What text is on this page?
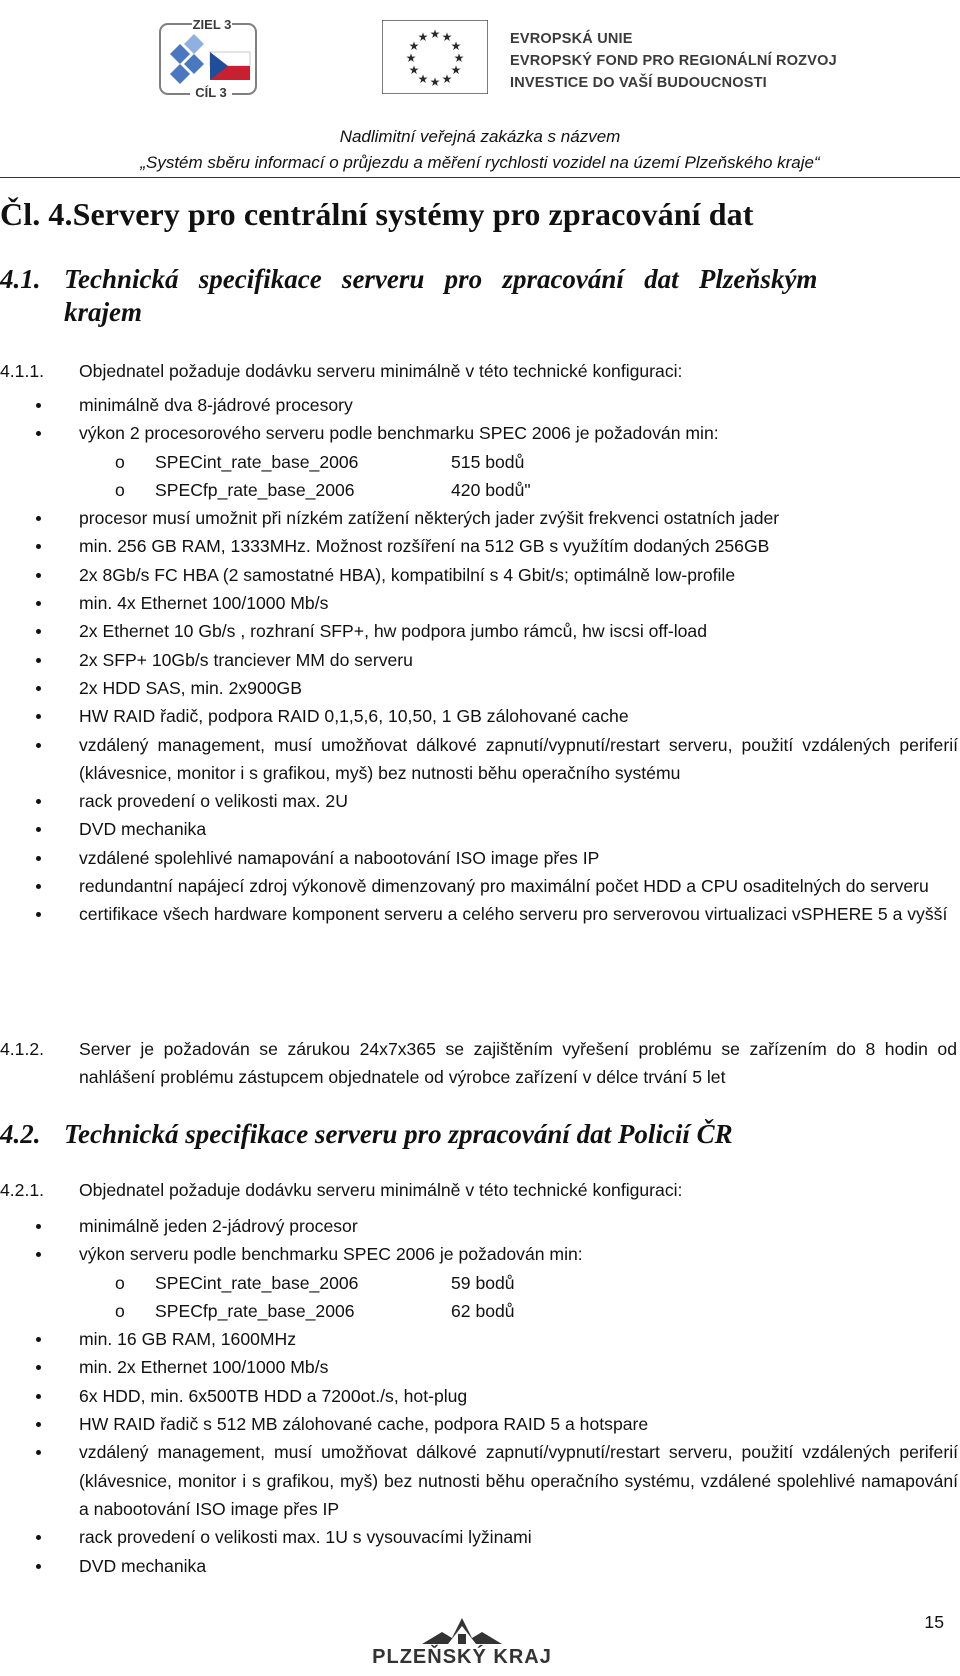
ZIEL 3
CÍL 3
★ ★
★
★
★
★
★
★
★
★
★
★	EVROPSKÁ UNIE
EVROPSKÝ FOND PRO REGIONÁLNÍ ROZVOJ
INVESTICE DO VAŠÍ BUDOUCNOSTI
Nadlimitní veřejná zakázka s názvem
„Systém sběru informací o průjezdu a měření rychlosti vozidel na území Plzeňského kraje“
Čl. 4.Servery pro centrální systémy pro zpracování dat
4.1. Technická   specifikace   serveru   pro   zpracování   dat   Plzeňským
krajem
4.1.1. Objednatel požaduje dodávku serveru minimálně v této technické konfiguraci:
minimálně dva 8-jádrové procesory
výkon 2 procesorového serveru podle benchmarku SPEC 2006 je požadován min:
o SPECint_rate_base_2006	515 bodů
o SPECfp_rate_base_2006	420 bodů"
procesor musí umožnit při nízkém zatížení některých jader zvýšit frekvenci ostatních jader
min. 256 GB RAM, 1333MHz. Možnost rozšíření na 512 GB s využítím dodaných 256GB
2x 8Gb/s FC HBA (2 samostatné HBA), kompatibilní s 4 Gbit/s; optimálně low-profile
min. 4x Ethernet 100/1000 Mb/s
2x Ethernet 10 Gb/s , rozhraní SFP+, hw podpora jumbo rámců, hw iscsi off-load
2x SFP+ 10Gb/s tranciever MM do serveru
2x HDD SAS, min. 2x900GB
HW RAID řadič, podpora RAID 0,1,5,6, 10,50, 1 GB zálohované cache
vzdálený management, musí umožňovat dálkové zapnutí/vypnutí/restart serveru, použití vzdálených periferií (klávesnice, monitor i s grafikou, myš) bez nutnosti běhu operačního systému
rack provedení o velikosti max. 2U
DVD mechanika
vzdálené spolehlivé namapování a nabootování ISO image přes IP
redundantní napájecí zdroj výkonově dimenzovaný pro maximální počet HDD a CPU osaditelných do serveru
certifikace všech hardware komponent serveru a celého serveru pro serverovou virtualizaci vSPHERE 5 a vyšší
4.1.2. Server je požadován se zárukou 24x7x365 se zajištěním vyřešení problému se zařízením do 8 hodin od nahlášení problému zástupcem objednatele od výrobce zařízení v délce trvání 5 let
4.2. Technická specifikace serveru pro zpracování dat Policií ČR
4.2.1. Objednatel požaduje dodávku serveru minimálně v této technické konfiguraci:
minimálně jeden 2-jádrový procesor
výkon serveru podle benchmarku SPEC 2006 je požadován min:
o SPECint_rate_base_2006	59 bodů
o SPECfp_rate_base_2006	62 bodů
min. 16 GB RAM, 1600MHz
min. 2x Ethernet 100/1000 Mb/s
6x HDD, min. 6x500TB HDD a 7200ot./s, hot-plug
HW RAID řadič s 512 MB zálohované cache, podpora RAID 5 a hotspare
vzdálený management, musí umožňovat dálkové zapnutí/vypnutí/restart serveru, použití vzdálených periferií (klávesnice, monitor i s grafikou, myš) bez nutnosti běhu operačního systému, vzdálené spolehlivé namapování a nabootování ISO image přes IP
rack provedení o velikosti max. 1U s vysouvacími lyžinami
DVD mechanika
15
PLZEŇSKÝ KRAJ
